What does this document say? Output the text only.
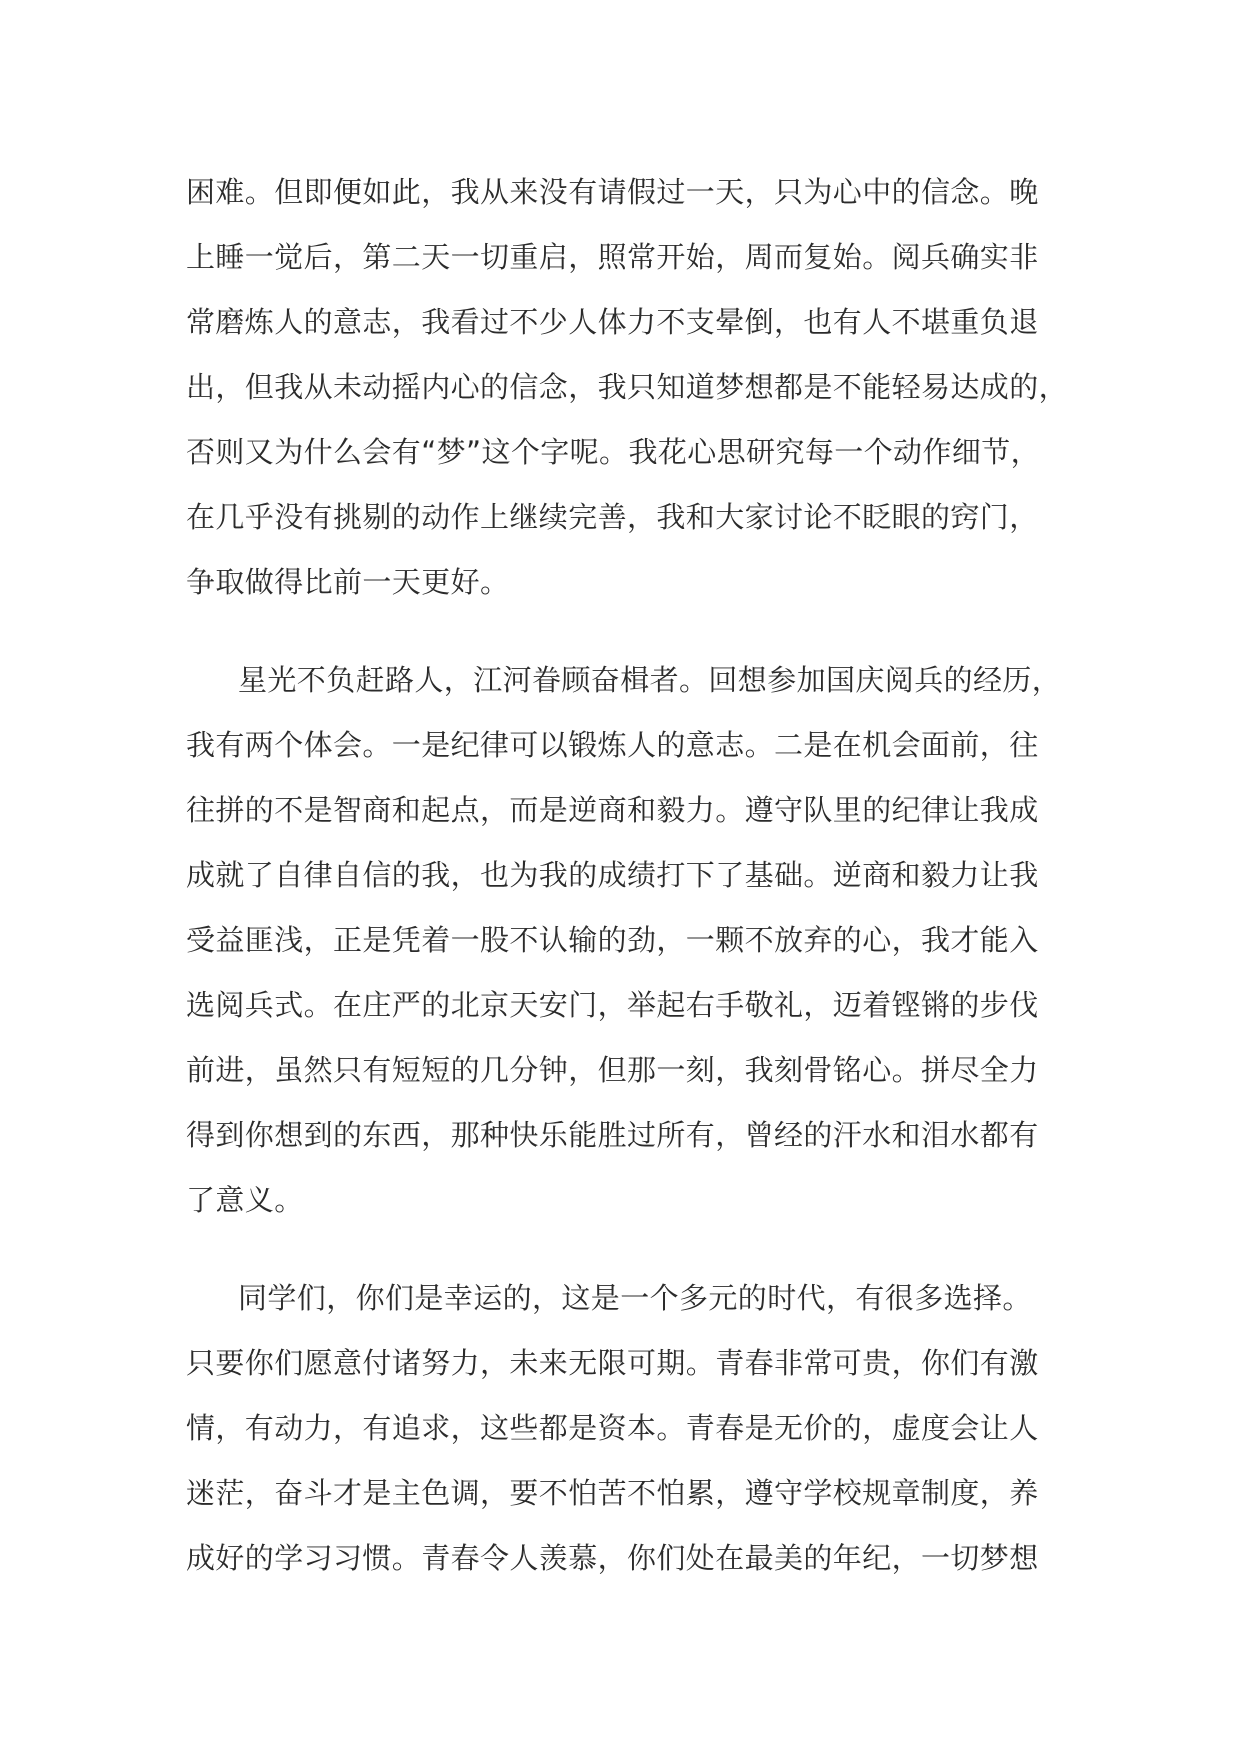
困难。但即便如此，我从来没有请假过一天，只为心中的信念。晚
上睡一觉后，第二天一切重启，照常开始，周而复始。阅兵确实非
常磨炼人的意志，我看过不少人体力不支晕倒，也有人不堪重负退
出，但我从未动摇内心的信念，我只知道梦想都是不能轻易达成的，
否则又为什么会有“梦”这个字呢。我花心思研究每一个动作细节，
在几乎没有挑剔的动作上继续完善，我和大家讨论不眨眼的窍门，
争取做得比前一天更好。
星光不负赶路人，江河眷顾奋楫者。回想参加国庆阅兵的经历，
我有两个体会。一是纪律可以锻炼人的意志。二是在机会面前，往
往拼的不是智商和起点，而是逆商和毅力。遵守队里的纪律让我成
成就了自律自信的我，也为我的成绩打下了基础。逆商和毅力让我
受益匪浅，正是凭着一股不认输的劲，一颗不放弃的心，我才能入
选阅兵式。在庄严的北京天安门，举起右手敬礼，迈着铿锵的步伐
前进，虽然只有短短的几分钟，但那一刻，我刻骨铭心。拼尽全力
得到你想到的东西，那种快乐能胜过所有，曾经的汗水和泪水都有
了意义。
同学们，你们是幸运的，这是一个多元的时代，有很多选择。
只要你们愿意付诸努力，未来无限可期。青春非常可贵，你们有激
情，有动力，有追求，这些都是资本。青春是无价的，虚度会让人
迷茫，奋斗才是主色调，要不怕苦不怕累，遵守学校规章制度，养
成好的学习习惯。青春令人羡慕，你们处在最美的年纪，一切梦想
